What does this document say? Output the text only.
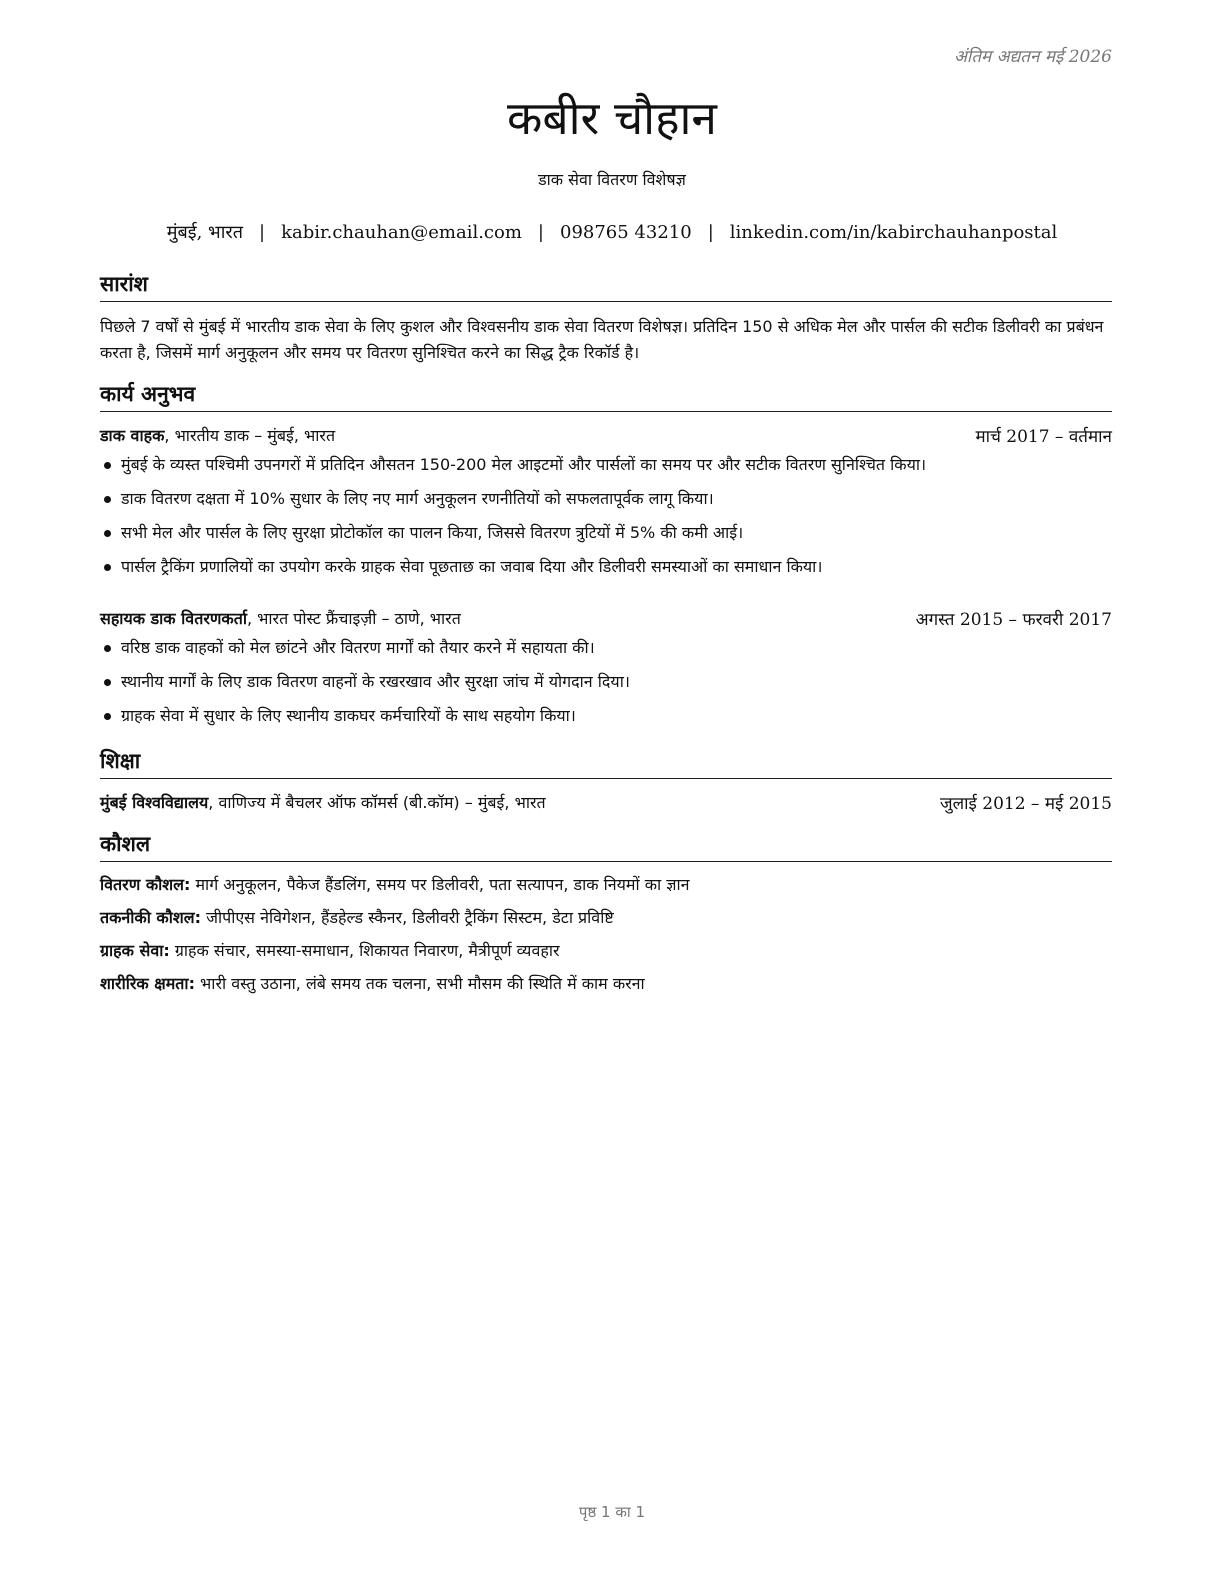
अंतिम अद्यतन मई 2026
कबीर चौहान
डाक सेवा वितरण विशेषज्ञ
मुंबई, भारत | kabir.chauhan@email.com | 098765 43210 | linkedin.com/in/kabirchauhanpostal
सारांश

पिछले 7 वर्षों से मुंबई में भारतीय डाक सेवा के लिए कुशल और विश्वसनीय डाक सेवा वितरण विशेषज्ञ। प्रतिदिन 150 से अधिक मेल और पार्सल की सटीक डिलीवरी का प्रबंधन करता है, जिसमें मार्ग अनुकूलन और समय पर वितरण सुनिश्चित करने का सिद्ध ट्रैक रिकॉर्ड है।

कार्य अनुभव
डाक वाहक, भारतीय डाक – मुंबई, भारत	मार्च 2017 – वर्तमान
मुंबई के व्यस्त पश्चिमी उपनगरों में प्रतिदिन औसतन 150-200 मेल आइटमों और पार्सलों का समय पर और सटीक वितरण सुनिश्चित किया।
डाक वितरण दक्षता में 10% सुधार के लिए नए मार्ग अनुकूलन रणनीतियों को सफलतापूर्वक लागू किया।
सभी मेल और पार्सल के लिए सुरक्षा प्रोटोकॉल का पालन किया, जिससे वितरण त्रुटियों में 5% की कमी आई।
पार्सल ट्रैकिंग प्रणालियों का उपयोग करके ग्राहक सेवा पूछताछ का जवाब दिया और डिलीवरी समस्याओं का समाधान किया।
सहायक डाक वितरणकर्ता, भारत पोस्ट फ्रैंचाइज़ी – ठाणे, भारत	अगस्त 2015 – फरवरी 2017
वरिष्ठ डाक वाहकों को मेल छांटने और वितरण मार्गों को तैयार करने में सहायता की।
स्थानीय मार्गों के लिए डाक वितरण वाहनों के रखरखाव और सुरक्षा जांच में योगदान दिया।
ग्राहक सेवा में सुधार के लिए स्थानीय डाकघर कर्मचारियों के साथ सहयोग किया।
शिक्षा
मुंबई विश्वविद्यालय, वाणिज्य में बैचलर ऑफ कॉमर्स (बी.कॉम) – मुंबई, भारत	जुलाई 2012 – मई 2015
कौशल
वितरण कौशल: मार्ग अनुकूलन, पैकेज हैंडलिंग, समय पर डिलीवरी, पता सत्यापन, डाक नियमों का ज्ञान
तकनीकी कौशल: जीपीएस नेविगेशन, हैंडहेल्ड स्कैनर, डिलीवरी ट्रैकिंग सिस्टम, डेटा प्रविष्टि
ग्राहक सेवा: ग्राहक संचार, समस्या-समाधान, शिकायत निवारण, मैत्रीपूर्ण व्यवहार
शारीरिक क्षमता: भारी वस्तु उठाना, लंबे समय तक चलना, सभी मौसम की स्थिति में काम करना
पृष्ठ 1 का 1
